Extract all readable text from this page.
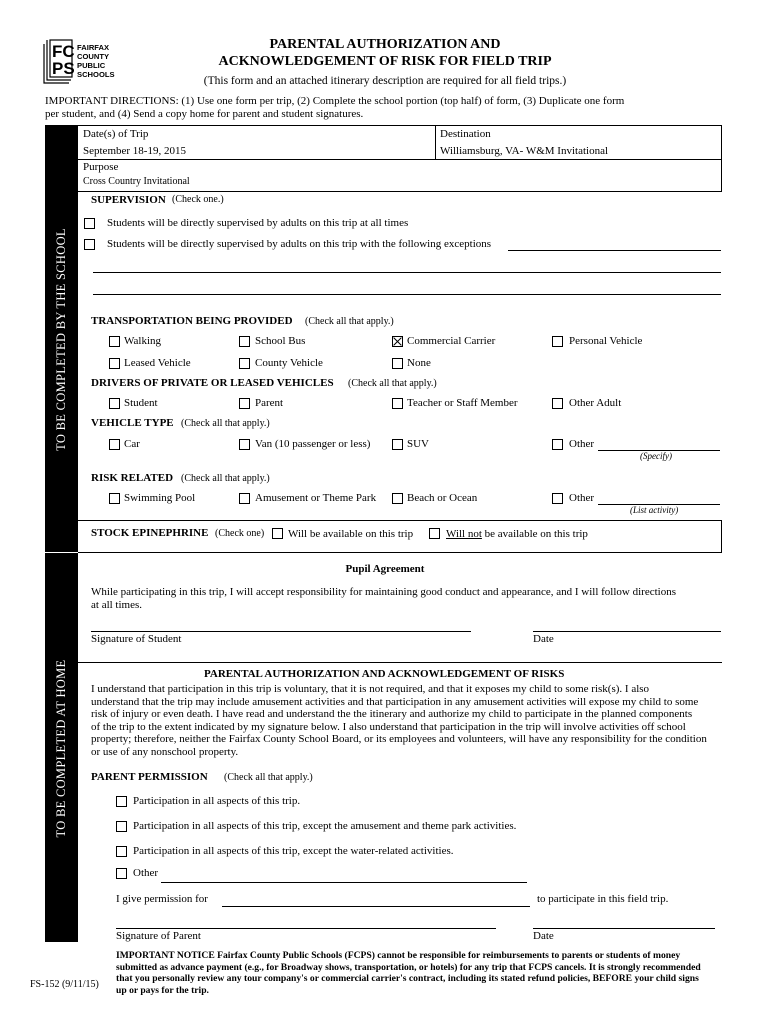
FC
PS
FAIRFAX
COUNTY
PUBLIC
SCHOOLS
PARENTAL AUTHORIZATION AND
ACKNOWLEDGEMENT OF RISK FOR FIELD TRIP
(This form and an attached itinerary description are required for all field trips.)
IMPORTANT DIRECTIONS: (1) Use one form per trip, (2) Complete the school portion (top half) of form, (3) Duplicate one form
per student, and (4) Send a copy home for parent and student signatures.
TO BE COMPLETED BY THE SCHOOL
TO BE COMPLETED AT HOME
Date(s) of Trip
September 18-19, 2015
Destination
Williamsburg, VA- W&M Invitational
Purpose
Cross Country Invitational
SUPERVISION (Check one.)
Students will be directly supervised by adults on this trip at all times
Students will be directly supervised by adults on this trip with the following exceptions
TRANSPORTATION BEING PROVIDED (Check all that apply.)
Walking	School Bus	Commercial Carrier	Personal Vehicle
Leased Vehicle	County Vehicle	None
DRIVERS OF PRIVATE OR LEASED VEHICLES (Check all that apply.)
Student	Parent	Teacher or Staff Member	Other Adult
VEHICLE TYPE (Check all that apply.)
Car	Van (10 passenger or less)	SUV	Other
(Specify)
RISK RELATED (Check all that apply.)
Swimming Pool	Amusement or Theme Park	Beach or Ocean	Other
(List activity)
STOCK EPINEPHRINE (Check one) Will be available on this trip	Will not be available on this trip
Pupil Agreement
While participating in this trip, I will accept responsibility for maintaining good conduct and appearance, and I will follow directions
at all times.
Signature of Student	Date
PARENTAL AUTHORIZATION AND ACKNOWLEDGEMENT OF RISKS
I understand that participation in this trip is voluntary, that it is not required, and that it exposes my child to some risk(s). I also
understand that the trip may include amusement activities and that participation in any amusement activities will expose my child to some
risk of injury or even death. I have read and understand the the itinerary and authorize my child to participate in the planned components
of the trip to the extent indicated by my signature below. I also understand that participation in the trip will involve activities off school
property; therefore, neither the Fairfax County School Board, or its employees and volunteers, will have any responsibility for the condition
or use of any nonschool property.
PARENT PERMISSION (Check all that apply.)
Participation in all aspects of this trip.
Participation in all aspects of this trip, except the amusement and theme park activities.
Participation in all aspects of this trip, except the water-related activities.
Other
I give permission for	to participate in this field trip.
Signature of Parent	Date
FS-152 (9/11/15)
IMPORTANT NOTICE Fairfax County Public Schools (FCPS) cannot be responsible for reimbursements to parents or students of money
submitted as advance payment (e.g., for Broadway shows, transportation, or hotels) for any trip that FCPS cancels. It is strongly recommended
that you personally review any tour company's or commercial carrier's contract, including its stated refund policies, BEFORE your child signs
up or pays for the trip.
